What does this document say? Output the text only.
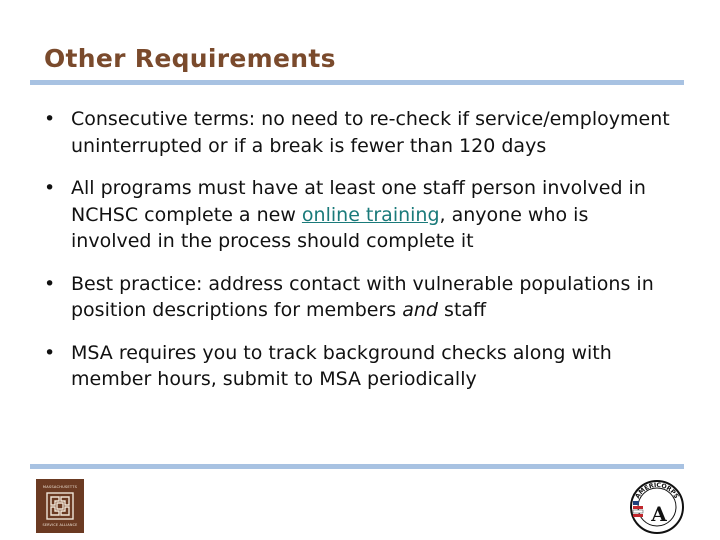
Other Requirements
• Consecutive terms: no need to re-check if service/employment uninterrupted or if a break is fewer than 120 days
• All programs must have at least one staff person involved in NCHSC complete a new online training, anyone who is involved in the process should complete it
• Best practice: address contact with vulnerable populations in position descriptions for members and staff
• MSA requires you to track background checks along with member hours, submit to MSA periodically
MASSACHUSETTS
SERVICE ALLIANCE
AMERICORPS
A
